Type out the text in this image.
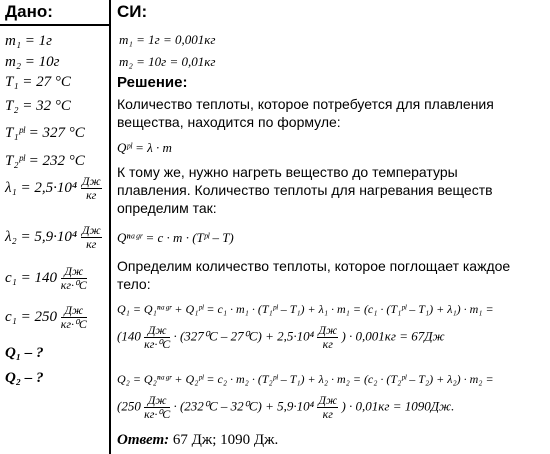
Дано:
m₁ = 1г
m₂ = 10г
T₁ = 27 °C
T₂ = 32 °C
T₁ᵖˡ = 327 °C
T₂ᵖˡ = 232 °C
$\lambda_1 = 2,5\cdot 10^4 \frac{Дж}{кг}$
$\lambda_2 = 5,9\cdot 10^4 \frac{Дж}{кг}$
$c_1 = 140 \frac{Дж}{\text{кг·⁰C}}$
$c_1 = 250 \frac{Дж}{\text{кг·⁰C}}$
Q₁ – ?
Q₂ – ?
СИ:
m₁ = 1г = 0,001кг
m₂ = 10г = 0,01кг
Решение:
Количество теплоты, которое потребуется для плавления
вещества, находится по формуле:
Qᵖˡ = λ · m
К тому же, нужно нагреть вещество до температуры
плавления. Количество теплоты для нагревания веществ
определим так:
Qⁿᵃᵍʳ = c · m · (Tᵖˡ – T)
Определим количество теплоты, которое поглощает каждое
тело:
Q₁ = Q₁ⁿᵃᵍʳ + Q₁ᵖˡ = c₁ · m₁ · (T₁ᵖˡ – T₁) + λ₁ · m₁ = (c₁ · (T₁ᵖˡ – T₁) + λ₁) · m₁ =
($140 \frac{Дж}{\text{кг·⁰C}} \cdot (327^0C - 27^0C) + 2,5\cdot 10^4 \frac{Дж}{кг}$ ) · 0,001кг = 67Дж
Q₂ = Q₂ⁿᵃᵍʳ + Q₂ᵖˡ = c₂ · m₂ · (T₂ᵖˡ – T₁) + λ₂ · m₂ = (c₂ · (T₂ᵖˡ – T₂) + λ₂) · m₂ =
($250 \frac{Дж}{\text{кг·⁰C}} \cdot (232^0C - 32^0C) + 5,9\cdot 10^4 \frac{Дж}{кг}$ ) · 0,01кг = 1090Дж.
Ответ: 67 Дж; 1090 Дж.
